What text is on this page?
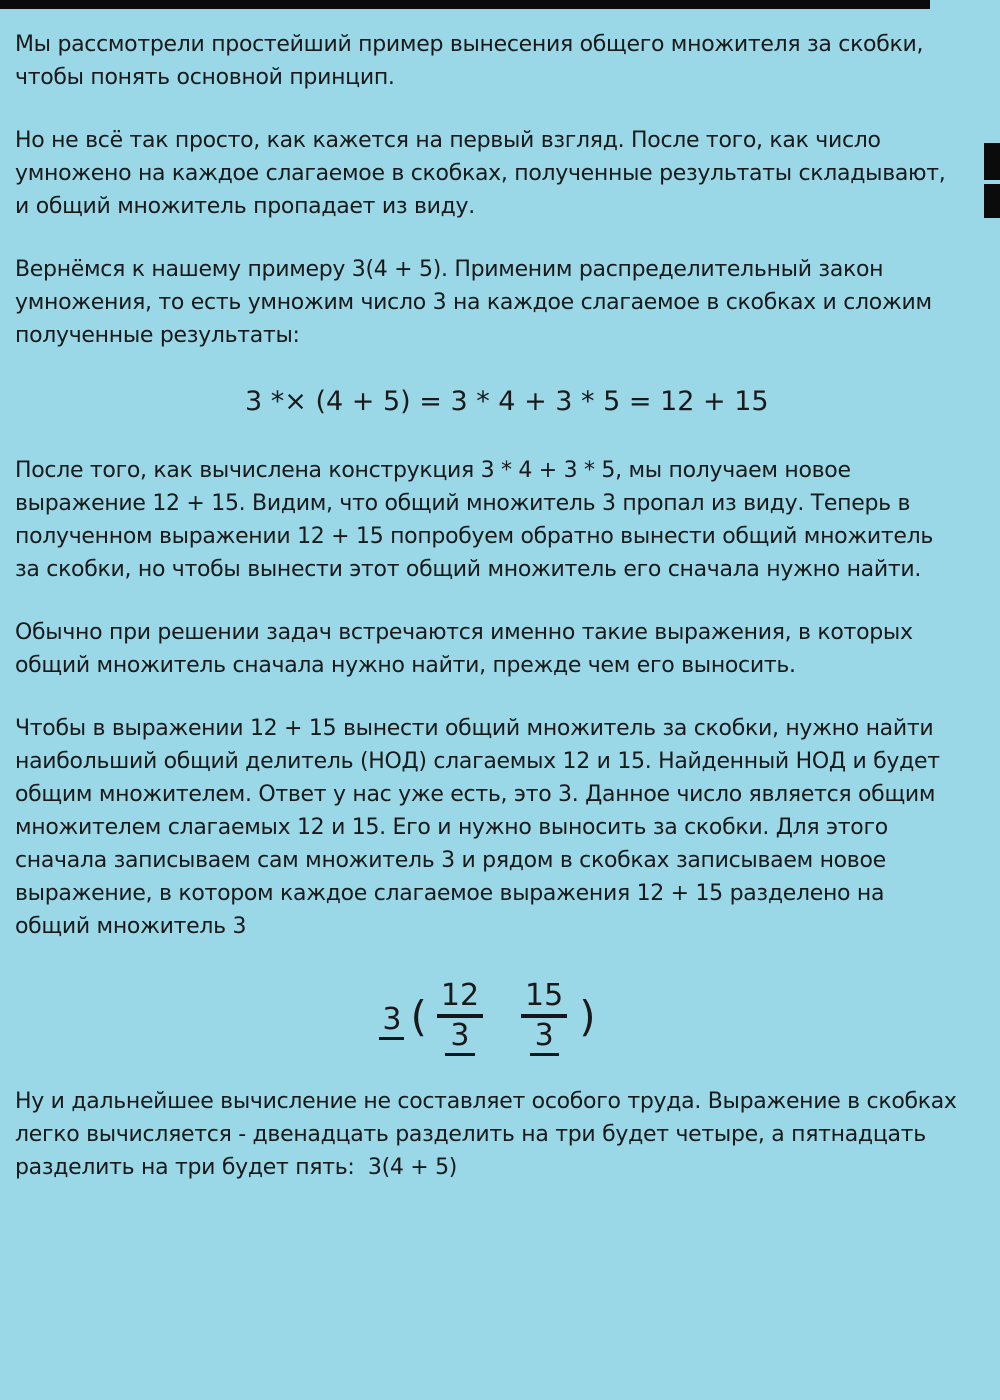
Мы рассмотрели простейший пример вынесения общего множителя за скобки, чтобы понять основной принцип.

Но не всё так просто, как кажется на первый взгляд. После того, как число умножено на каждое слагаемое в скобках, полученные результаты складывают, и общий множитель пропадает из виду.

Вернёмся к нашему примеру 3(4 + 5). Применим распределительный закон умножения, то есть умножим число 3 на каждое слагаемое в скобках и сложим полученные результаты:

3 *× (4 + 5) = 3 * 4 + 3 * 5 = 12 + 15

После того, как вычислена конструкция 3 * 4 + 3 * 5, мы получаем новое выражение 12 + 15. Видим, что общий множитель 3 пропал из виду. Теперь в полученном выражении 12 + 15 попробуем обратно вынести общий множитель за скобки, но чтобы вынести этот общий множитель его сначала нужно найти.

Обычно при решении задач встречаются именно такие выражения, в которых общий множитель сначала нужно найти, прежде чем его выносить.

Чтобы в выражении 12 + 15 вынести общий множитель за скобки, нужно найти наибольший общий делитель (НОД) слагаемых 12 и 15. Найденный НОД и будет общим множителем. Ответ у нас уже есть, это 3. Данное число является общим множителем слагаемых 12 и 15. Его и нужно выносить за скобки. Для этого сначала записываем сам множитель 3 и рядом в скобках записываем новое выражение, в котором каждое слагаемое выражения 12 + 15 разделено на общий множитель 3

3 ( $\frac{12}{3} \frac{15}{3}$ )

Ну и дальнейшее вычисление не составляет особого труда. Выражение в скобках легко вычисляется - двенадцать разделить на три будет четыре, а пятнадцать разделить на три будет пять:  3(4 + 5)
